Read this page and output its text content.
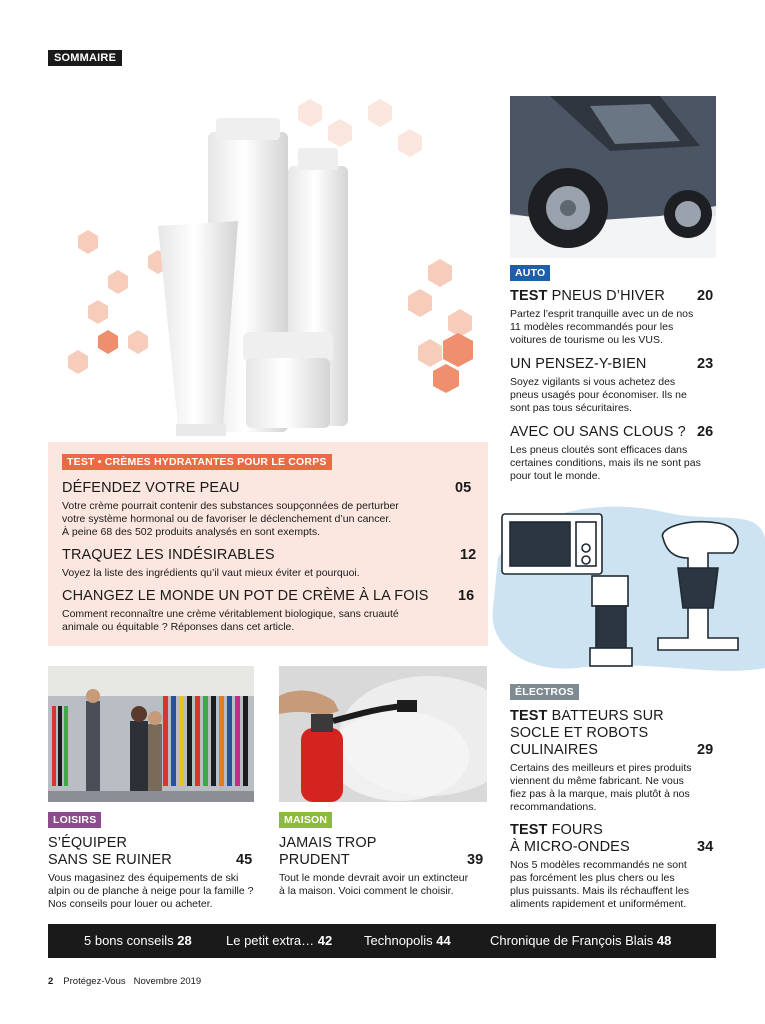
SOMMAIRE
TEST • CRÈMES HYDRATANTES POUR LE CORPS
DÉFENDEZ VOTRE PEAU	05
Votre crème pourrait contenir des substances soupçonnées de perturber
votre système hormonal ou de favoriser le déclenchement d’un cancer.
À peine 68 des 502 produits analysés en sont exempts.
TRAQUEZ LES INDÉSIRABLES	12
Voyez la liste des ingrédients qu’il vaut mieux éviter et pourquoi.
CHANGEZ LE MONDE UN POT DE CRÈME À LA FOIS 16
Comment reconnaître une crème véritablement biologique, sans cruauté
animale ou équitable ? Réponses dans cet article.
AUTO
TEST PNEUS D’HIVER 20
Partez l’esprit tranquille avec un de nos
11 modèles recommandés pour les
voitures de tourisme ou les VUS.
UN PENSEZ-Y-BIEN	23
Soyez vigilants si vous achetez des
pneus usagés pour économiser. Ils ne
sont pas tous sécuritaires.
AVEC OU SANS CLOUS ? 26
Les pneus cloutés sont efficaces dans
certaines conditions, mais ils ne sont pas
pour tout le monde.
ÉLECTROS
TEST BATTEURS SUR
SOCLE ET ROBOTS
CULINAIRES	29
Certains des meilleurs et pires produits
viennent du même fabricant. Ne vous
fiez pas à la marque, mais plutôt à nos
recommandations.
TEST FOURS
À MICRO-ONDES	34
Nos 5 modèles recommandés ne sont
pas forcément les plus chers ou les
plus puissants. Mais ils réchauffent les
aliments rapidement et uniformément.
LOISIRS
S’ÉQUIPER
SANS SE RUINER	45
Vous magasinez des équipements de ski
alpin ou de planche à neige pour la famille ?
Nos conseils pour louer ou acheter.
MAISON
JAMAIS TROP
PRUDENT	39
Tout le monde devrait avoir un extincteur
à la maison. Voici comment le choisir.
5 bons conseils 28	Le petit extra… 42 Technopolis 44	Chronique de François Blais 48
2 Protégez-Vous Novembre 2019
